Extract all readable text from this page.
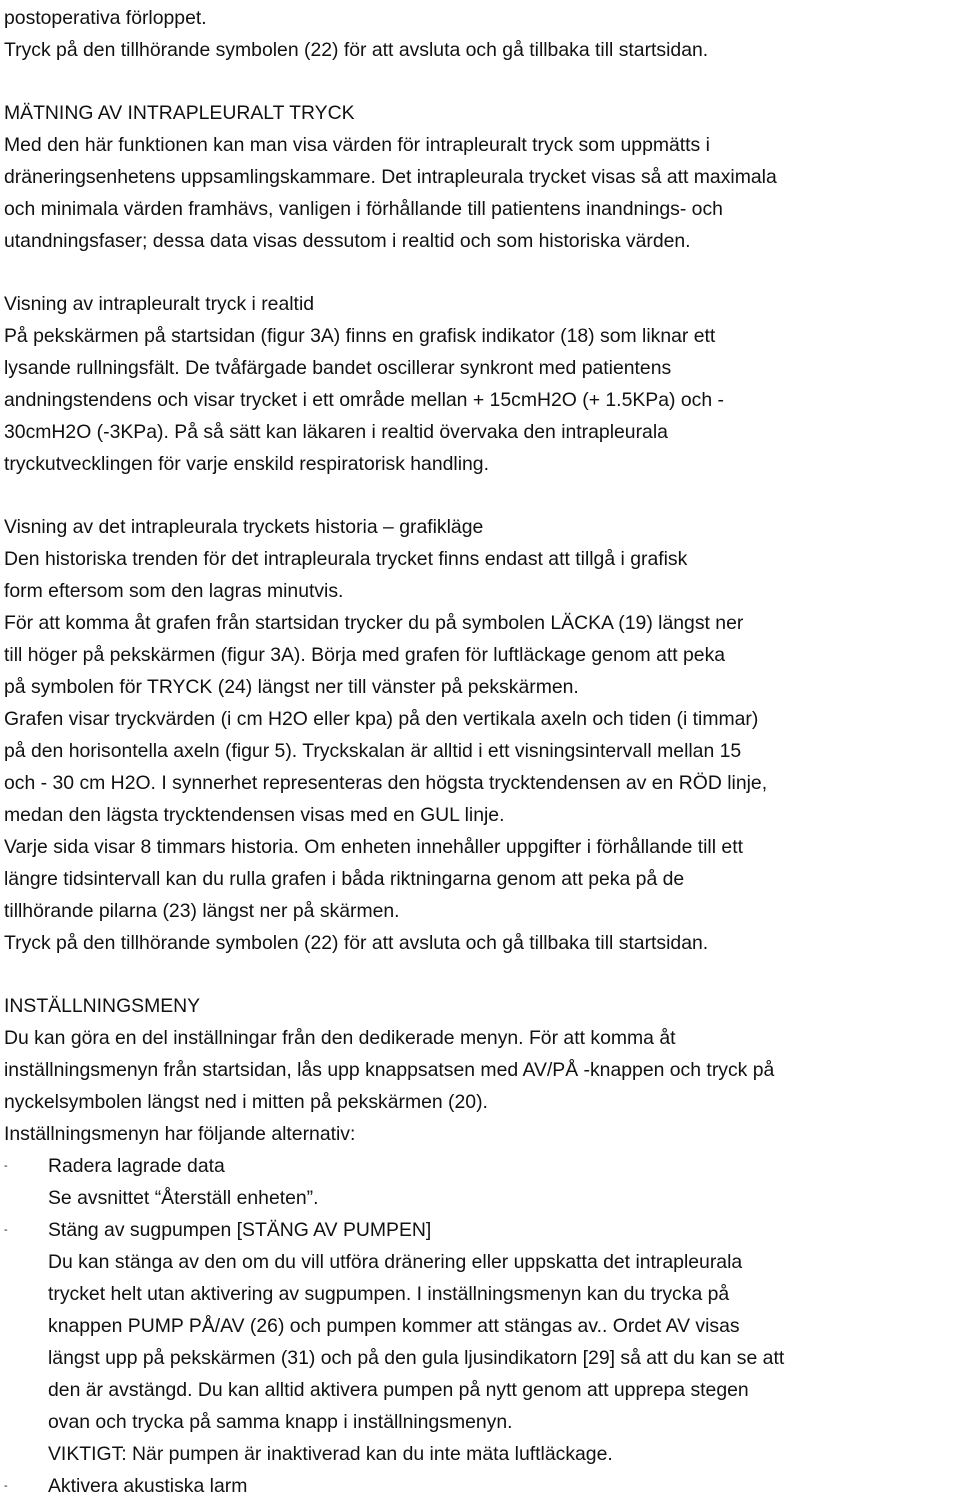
postoperativa förloppet.
Tryck på den tillhörande symbolen (22) för att avsluta och gå tillbaka till startsidan.
MÄTNING AV INTRAPLEURALT TRYCK
Med den här funktionen kan man visa värden för intrapleuralt tryck som uppmätts i
dräneringsenhetens uppsamlingskammare. Det intrapleurala trycket visas så att maximala
och minimala värden framhävs, vanligen i förhållande till patientens inandnings- och
utandningsfaser; dessa data visas dessutom i realtid och som historiska värden.
Visning av intrapleuralt tryck i realtid
På pekskärmen på startsidan (figur 3A) finns en grafisk indikator (18) som liknar ett
lysande rullningsfält. De tvåfärgade bandet oscillerar synkront med patientens
andningstendens och visar trycket i ett område mellan + 15cmH2O (+ 1.5KPa) och -
30cmH2O (-3KPa). På så sätt kan läkaren i realtid övervaka den intrapleurala
tryckutvecklingen för varje enskild respiratorisk handling.
Visning av det intrapleurala tryckets historia – grafikläge
Den historiska trenden för det intrapleurala trycket finns endast att tillgå i grafisk
form eftersom som den lagras minutvis.
För att komma åt grafen från startsidan trycker du på symbolen LÄCKA (19) längst ner
till höger på pekskärmen (figur 3A). Börja med grafen för luftläckage genom att peka
på symbolen för TRYCK (24) längst ner till vänster på pekskärmen.
Grafen visar tryckvärden (i cm H2O eller kpa) på den vertikala axeln och tiden (i timmar)
på den horisontella axeln (figur 5). Tryckskalan är alltid i ett visningsintervall mellan 15
och - 30 cm H2O. I synnerhet representeras den högsta trycktendensen av en RÖD linje,
medan den lägsta trycktendensen visas med en GUL linje.
Varje sida visar 8 timmars historia. Om enheten innehåller uppgifter i förhållande till ett
längre tidsintervall kan du rulla grafen i båda riktningarna genom att peka på de
tillhörande pilarna (23) längst ner på skärmen.
Tryck på den tillhörande symbolen (22) för att avsluta och gå tillbaka till startsidan.
INSTÄLLNINGSMENY
Du kan göra en del inställningar från den dedikerade menyn. För att komma åt
inställningsmenyn från startsidan, lås upp knappsatsen med AV/PÅ -knappen och tryck på
nyckelsymbolen längst ned i mitten på pekskärmen (20).
Inställningsmenyn har följande alternativ:
- Radera lagrade data
Se avsnittet “Återställ enheten”.
- Stäng av sugpumpen [STÄNG AV PUMPEN]
Du kan stänga av den om du vill utföra dränering eller uppskatta det intrapleurala
trycket helt utan aktivering av sugpumpen. I inställningsmenyn kan du trycka på
knappen PUMP PÅ/AV (26) och pumpen kommer att stängas av.. Ordet AV visas
längst upp på pekskärmen (31) och på den gula ljusindikatorn [29] så att du kan se att
den är avstängd. Du kan alltid aktivera pumpen på nytt genom att upprepa stegen
ovan och trycka på samma knapp i inställningsmenyn.
VIKTIGT: När pumpen är inaktiverad kan du inte mäta luftläckage.
- Aktivera akustiska larm
